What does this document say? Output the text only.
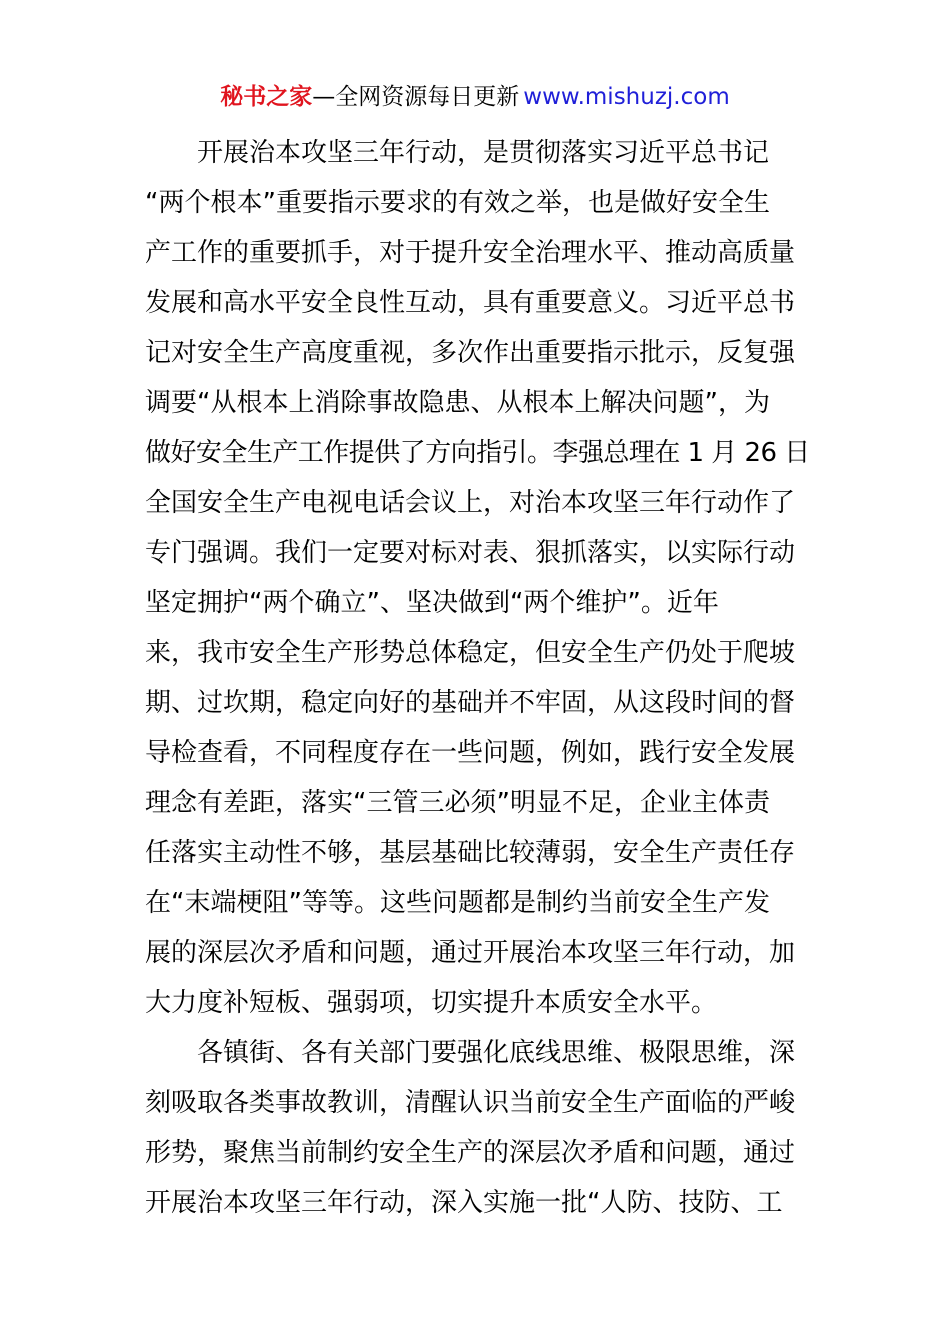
秘书之家—全网资源每日更新 www.mishuzj.com
开展治本攻坚三年行动，是贯彻落实习近平总书记
“两个根本”重要指示要求的有效之举，也是做好安全生
产工作的重要抓手，对于提升安全治理水平、推动高质量
发展和高水平安全良性互动，具有重要意义。习近平总书
记对安全生产高度重视，多次作出重要指示批示，反复强
调要“从根本上消除事故隐患、从根本上解决问题”，为
做好安全生产工作提供了方向指引。李强总理在 1 月 26 日
全国安全生产电视电话会议上，对治本攻坚三年行动作了
专门强调。我们一定要对标对表、狠抓落实，以实际行动
坚定拥护“两个确立”、坚决做到“两个维护”。近年
来，我市安全生产形势总体稳定，但安全生产仍处于爬坡
期、过坎期，稳定向好的基础并不牢固，从这段时间的督
导检查看，不同程度存在一些问题，例如，践行安全发展
理念有差距，落实“三管三必须”明显不足，企业主体责
任落实主动性不够，基层基础比较薄弱，安全生产责任存
在“末端梗阻”等等。这些问题都是制约当前安全生产发
展的深层次矛盾和问题，通过开展治本攻坚三年行动，加
大力度补短板、强弱项，切实提升本质安全水平。
各镇街、各有关部门要强化底线思维、极限思维，深
刻吸取各类事故教训，清醒认识当前安全生产面临的严峻
形势，聚焦当前制约安全生产的深层次矛盾和问题，通过
开展治本攻坚三年行动，深入实施一批“人防、技防、工
